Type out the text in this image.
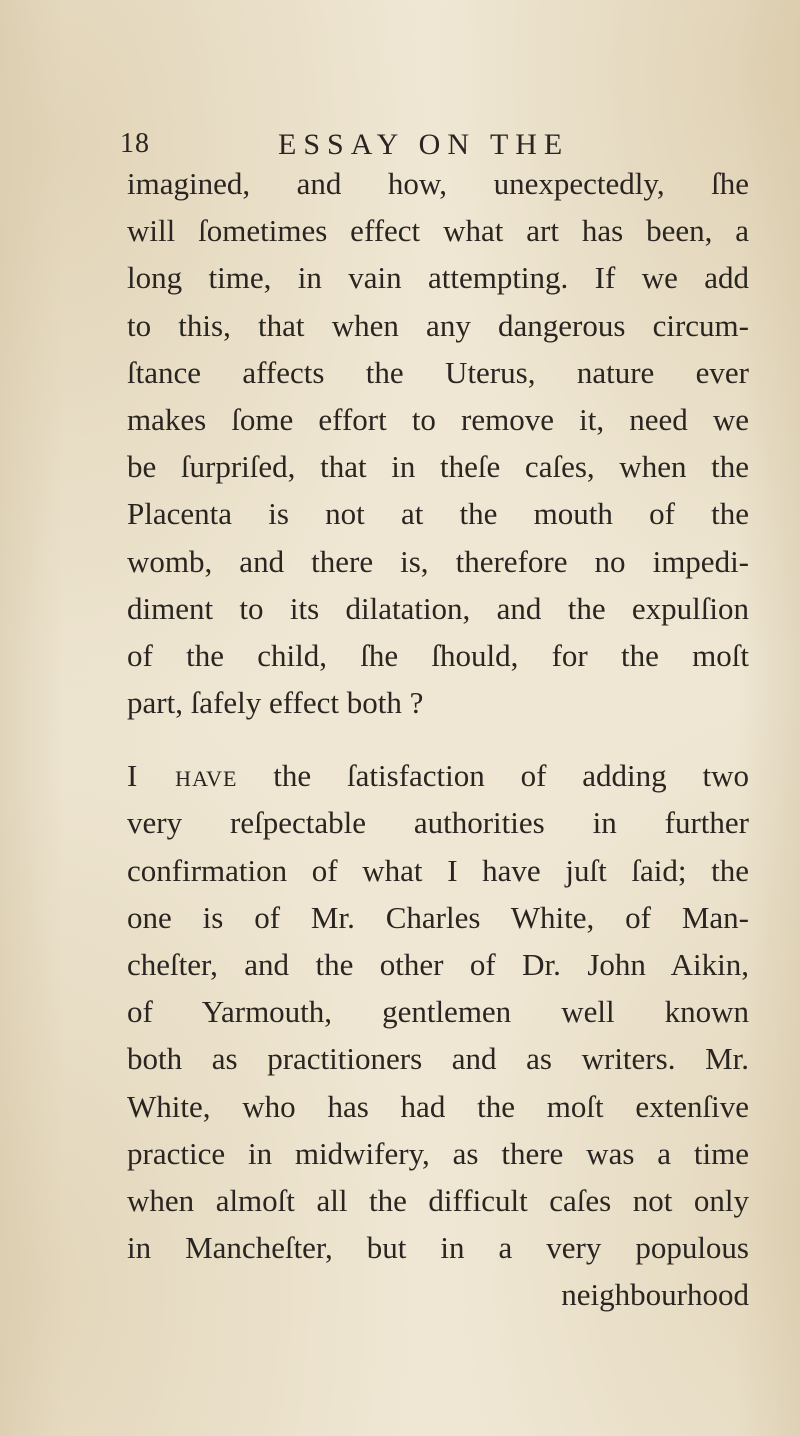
18	ESSAY ON THE
imagined, and how, unexpectedly, ſhe
will ſometimes effect what art has been, a
long time, in vain attempting. If we add
to this, that when any dangerous circum-
ſtance affects the Uterus, nature ever
makes ſome effort to remove it, need we
be ſurpriſed, that in theſe caſes, when the
Placenta is not at the mouth of the
womb, and there is, therefore no impedi-
diment to its dilatation, and the expulſion
of the child, ſhe ſhould, for the moſt
part, ſafely effect both ?
I have the ſatisfaction of adding two
very reſpectable authorities in further
confirmation of what I have juſt ſaid; the
one is of Mr. Charles White, of Man-
cheſter, and the other of Dr. John Aikin,
of Yarmouth, gentlemen well known
both as practitioners and as writers. Mr.
White, who has had the moſt extenſive
practice in midwifery, as there was a time
when almoſt all the difficult caſes not only
in Mancheſter, but in a very populous
neighbourhood
